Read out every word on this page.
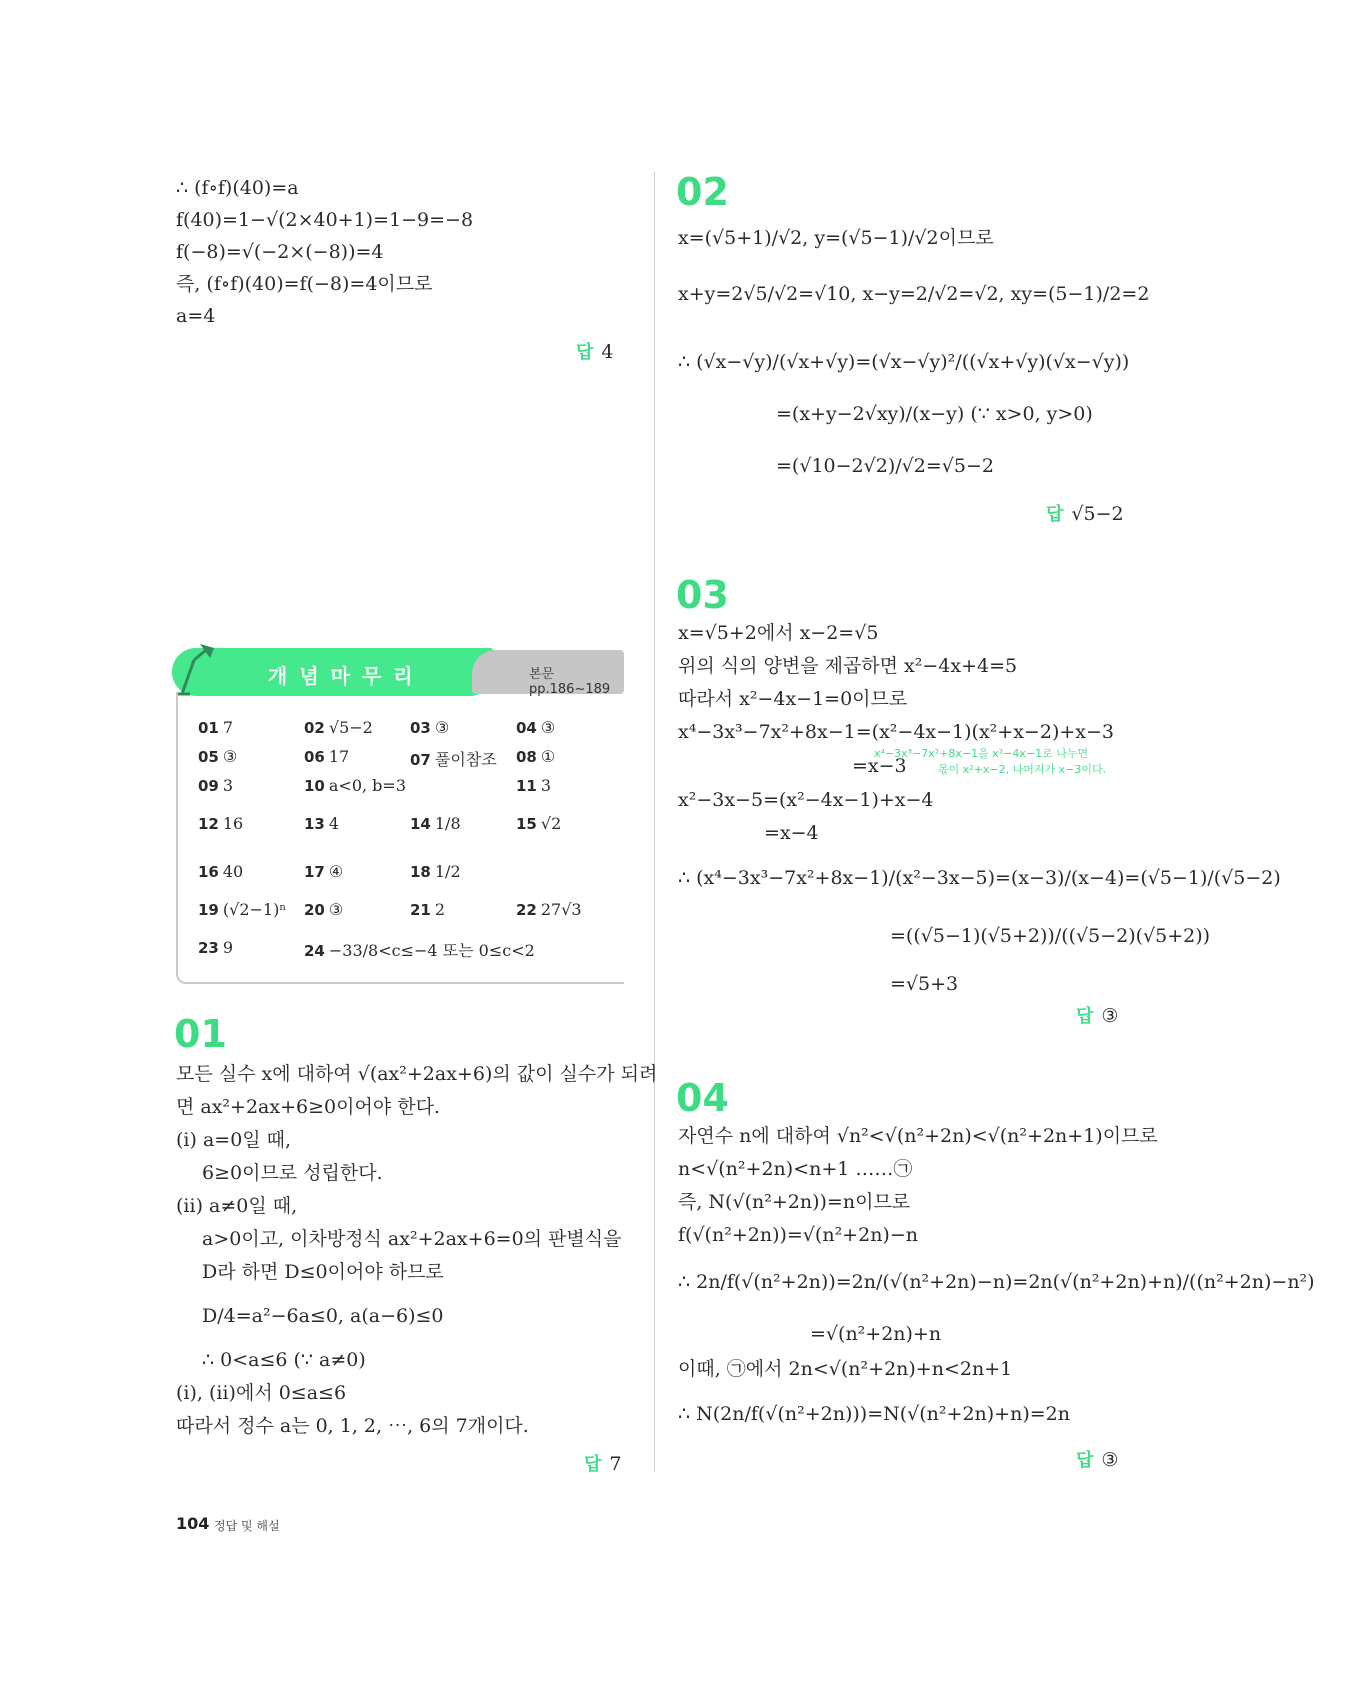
∴ (f∘f)(40)=a
f(40)=1−√(2×40+1)=1−9=−8
f(−8)=√(−2×(−8))=4
즉, (f∘f)(40)=f(−8)=4이므로
a=4
답 4
개념마무리	본문 pp.186~189
01 7	02 √5−2 03 ③	04 ③
05 ③	06 17	07 풀이참조 08 ①
09 3	10 a<0, b=3	11 3
12 16	13 4	14 1/8	15 √2
16 40	17 ④	18 1/2
19 (√2−1)ⁿ 20 ③	21 2	22 27√3
23 9	24 −33/8<c≤−4 또는 0≤c<2
01
모든 실수 x에 대하여 √(ax²+2ax+6)의 값이 실수가 되려
면 ax²+2ax+6≥0이어야 한다.
(ⅰ) a=0일 때,
6≥0이므로 성립한다.
(ⅱ) a≠0일 때,
a>0이고, 이차방정식 ax²+2ax+6=0의 판별식을
D라 하면 D≤0이어야 하므로
D/4=a²−6a≤0, a(a−6)≤0
∴ 0<a≤6 (∵ a≠0)
(ⅰ), (ⅱ)에서 0≤a≤6
따라서 정수 a는 0, 1, 2, ⋯, 6의 7개이다.
답 7
02
x=(√5+1)/√2, y=(√5−1)/√2이므로
x+y=2√5/√2=√10, x−y=2/√2=√2, xy=(5−1)/2=2
∴ (√x−√y)/(√x+√y)=(√x−√y)²/((√x+√y)(√x−√y))
=(x+y−2√xy)/(x−y) (∵ x>0, y>0)
=(√10−2√2)/√2=√5−2
답 √5−2
03
x=√5+2에서 x−2=√5
위의 식의 양변을 제곱하면 x²−4x+4=5
따라서 x²−4x−1=0이므로
x⁴−3x³−7x²+8x−1=(x²−4x−1)(x²+x−2)+x−3
=x−3
x⁴−3x³−7x²+8x−1을 x²−4x−1로 나누면
몫이 x²+x−2, 나머지가 x−3이다.
x²−3x−5=(x²−4x−1)+x−4
=x−4
∴ (x⁴−3x³−7x²+8x−1)/(x²−3x−5)=(x−3)/(x−4)=(√5−1)/(√5−2)
=((√5−1)(√5+2))/((√5−2)(√5+2))
=√5+3
답 ③
04
자연수 n에 대하여 √n²<√(n²+2n)<√(n²+2n+1)이므로
n<√(n²+2n)<n+1 ……㉠
즉, N(√(n²+2n))=n이므로
f(√(n²+2n))=√(n²+2n)−n
∴ 2n/f(√(n²+2n))=2n/(√(n²+2n)−n)=2n(√(n²+2n)+n)/((n²+2n)−n²)
=√(n²+2n)+n
이때, ㉠에서 2n<√(n²+2n)+n<2n+1
∴ N(2n/f(√(n²+2n)))=N(√(n²+2n)+n)=2n
답 ③
104 정답 및 해설
